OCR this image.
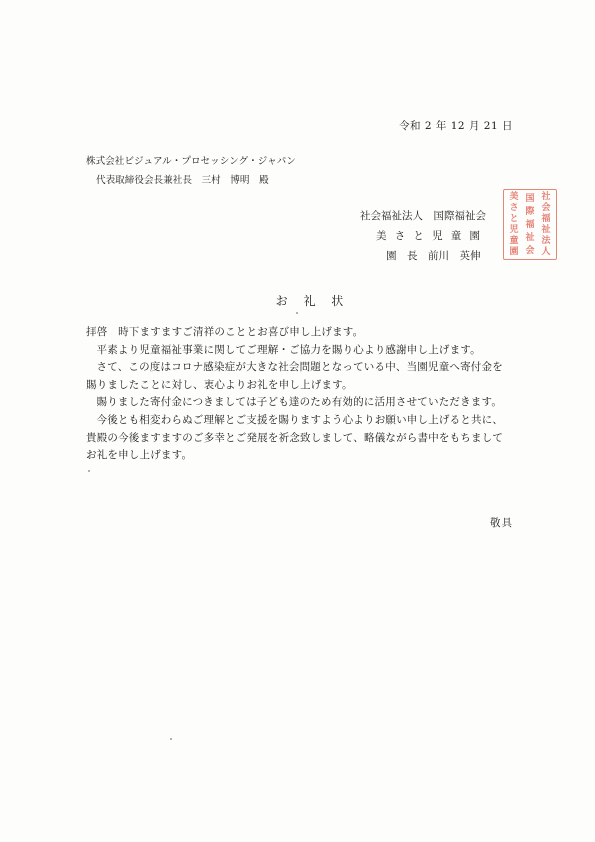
令和 2 年 12 月 21 日
株式会社ビジュアル・プロセッシング・ジャパン
代表取締役会長兼社長　三村　博明　殿
社会福祉法人　国際福祉会
美さと児童園
園　長　前川　英伸
社
会
福
祉
法
人
国
際
福
祉
会
美
さ
と
児
童
園
お 礼 状

拝啓　時下ますますご清祥のこととお喜び申し上げます。

平素より児童福祉事業に関してご理解・ご協力を賜り心より感謝申し上げます。

さて、この度はコロナ感染症が大きな社会問題となっている中、当園児童へ寄付金を賜りましたことに対し、衷心よりお礼を申し上げます。

賜りました寄付金につきましては子ども達のため有効的に活用させていただきます。

今後とも相変わらぬご理解とご支援を賜りますよう心よりお願い申し上げると共に、貴殿の今後ますますのご多幸とご発展を祈念致しまして、略儀ながら書中をもちましてお礼を申し上げます。

敬具
